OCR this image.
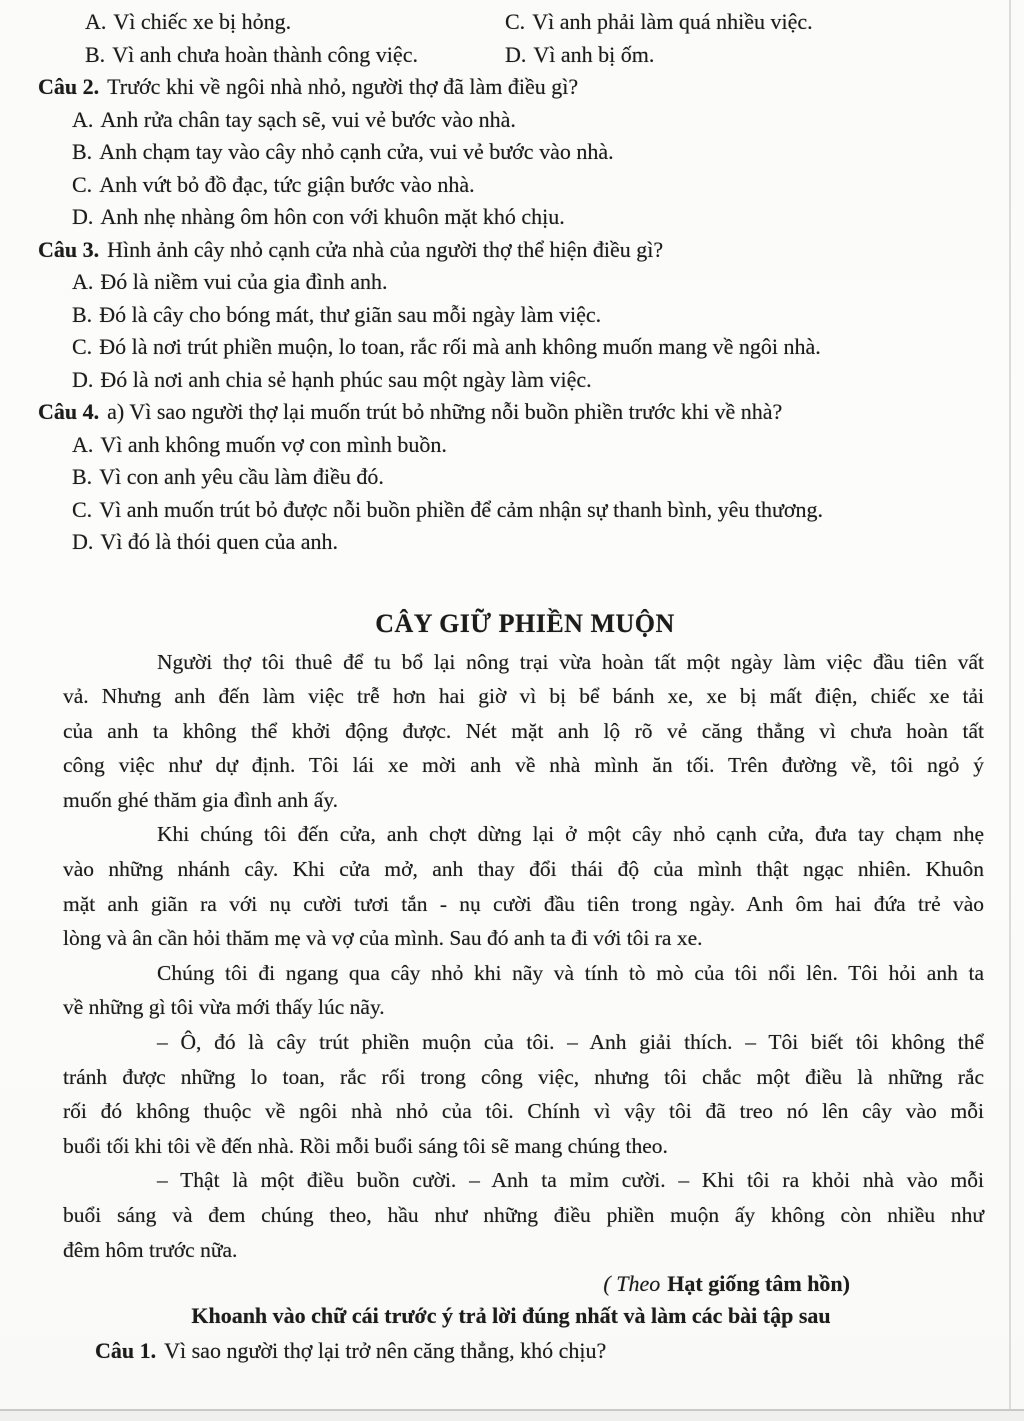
A. Vì chiếc xe bị hỏng.	C. Vì anh phải làm quá nhiều việc.
B. Vì anh chưa hoàn thành công việc.	D. Vì anh bị ốm.
Câu 2. Trước khi về ngôi nhà nhỏ, người thợ đã làm điều gì?
A. Anh rửa chân tay sạch sẽ, vui vẻ bước vào nhà.
B. Anh chạm tay vào cây nhỏ cạnh cửa, vui vẻ bước vào nhà.
C. Anh vứt bỏ đồ đạc, tức giận bước vào nhà.
D. Anh nhẹ nhàng ôm hôn con với khuôn mặt khó chịu.
Câu 3. Hình ảnh cây nhỏ cạnh cửa nhà của người thợ thể hiện điều gì?
A. Đó là niềm vui của gia đình anh.
B. Đó là cây cho bóng mát, thư giãn sau mỗi ngày làm việc.
C. Đó là nơi trút phiền muộn, lo toan, rắc rối mà anh không muốn mang về ngôi nhà.
D. Đó là nơi anh chia sẻ hạnh phúc sau một ngày làm việc.
Câu 4. a) Vì sao người thợ lại muốn trút bỏ những nỗi buồn phiền trước khi về nhà?
A. Vì anh không muốn vợ con mình buồn.
B. Vì con anh yêu cầu làm điều đó.
C. Vì anh muốn trút bỏ được nỗi buồn phiền để cảm nhận sự thanh bình, yêu thương.
D. Vì đó là thói quen của anh.
CÂY GIỮ PHIỀN MUỘN
Người thợ tôi thuê để tu bổ lại nông trại vừa hoàn tất một ngày làm việc đầu tiên vất
vả. Nhưng anh đến làm việc trễ hơn hai giờ vì bị bể bánh xe, xe bị mất điện, chiếc xe tải
của anh ta không thể khởi động được. Nét mặt anh lộ rõ vẻ căng thẳng vì chưa hoàn tất
công việc như dự định. Tôi lái xe mời anh về nhà mình ăn tối. Trên đường về, tôi ngỏ ý
muốn ghé thăm gia đình anh ấy.
Khi chúng tôi đến cửa, anh chợt dừng lại ở một cây nhỏ cạnh cửa, đưa tay chạm nhẹ
vào những nhánh cây. Khi cửa mở, anh thay đổi thái độ của mình thật ngạc nhiên. Khuôn
mặt anh giãn ra với nụ cười tươi tắn - nụ cười đầu tiên trong ngày. Anh ôm hai đứa trẻ vào
lòng và ân cần hỏi thăm mẹ và vợ của mình. Sau đó anh ta đi với tôi ra xe.
Chúng tôi đi ngang qua cây nhỏ khi nãy và tính tò mò của tôi nổi lên. Tôi hỏi anh ta
về những gì tôi vừa mới thấy lúc nãy.
– Ô, đó là cây trút phiền muộn của tôi. – Anh giải thích. – Tôi biết tôi không thể
tránh được những lo toan, rắc rối trong công việc, nhưng tôi chắc một điều là những rắc
rối đó không thuộc về ngôi nhà nhỏ của tôi. Chính vì vậy tôi đã treo nó lên cây vào mỗi
buổi tối khi tôi về đến nhà. Rồi mỗi buổi sáng tôi sẽ mang chúng theo.
– Thật là một điều buồn cười. – Anh ta mỉm cười. – Khi tôi ra khỏi nhà vào mỗi
buổi sáng và đem chúng theo, hầu như những điều phiền muộn ấy không còn nhiều như
đêm hôm trước nữa.
( Theo Hạt giống tâm hồn)
Khoanh vào chữ cái trước ý trả lời đúng nhất và làm các bài tập sau
Câu 1. Vì sao người thợ lại trở nên căng thẳng, khó chịu?
